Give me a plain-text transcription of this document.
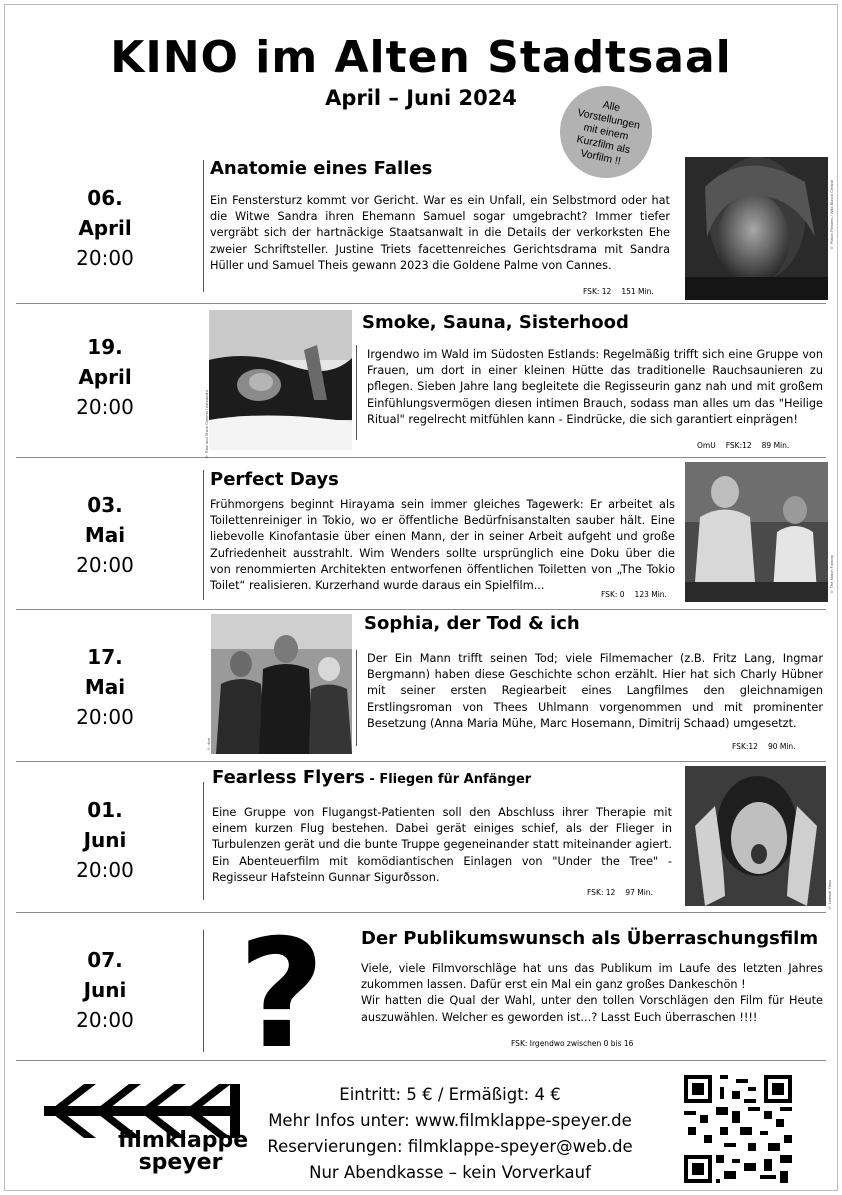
KINO im Alten Stadtsaal
April – Juni 2024	Alle Vorstellungen mit einem Kurzfilm als Vorfilm !!
06.
April
20:00
Anatomie eines Falles
Ein Fenstersturz kommt vor Gericht. War es ein Unfall, ein Selbstmord oder hat die Witwe Sandra ihren Ehemann Samuel sogar umgebracht? Immer tiefer vergräbt sich der hartnäckige Staatsanwalt in die Details der verkorksten Ehe zweier Schriftsteller. Justine Triets facettenreiches Gerichtsdrama mit Sandra Hüller und Samuel Theis gewann 2023 die Goldene Palme von Cannes.
FSK: 12 151 Min.
© Plaion Pictures / Wild Bunch Central
19.
April
20:00	© Rise and Shine Cinema / Alexandra
Smoke, Sauna, Sisterhood
Irgendwo im Wald im Südosten Estlands: Regelmäßig trifft sich eine Gruppe von Frauen, um dort in einer kleinen Hütte das traditionelle Rauchsaunieren zu pflegen. Sieben Jahre lang begleitete die Regisseurin ganz nah und mit großem Einfühlungsvermögen diesen intimen Brauch, sodass man alles um das "Heilige Ritual" regelrecht mitfühlen kann - Eindrücke, die sich garantiert einprägen!
OmU FSK:12 89 Min.
03.
Mai
20:00
Perfect Days
Frühmorgens beginnt Hirayama sein immer gleiches Tagewerk: Er arbeitet als Toilettenreiniger in Tokio, wo er öffentliche Bedürfnisanstalten sauber hält. Eine liebevolle Kinofantasie über einen Mann, der in seiner Arbeit aufgeht und große Zufriedenheit ausstrahlt. Wim Wenders sollte ursprünglich eine Doku über die von renommierten Architekten entworfenen öffentlichen Toiletten von „The Tokio Toilet“ realisieren. Kurzerhand wurde daraus ein Spielfilm...
FSK: 0 123 Min.
© The Match Factory
17.
Mai
20:00
© dcm
Sophia, der Tod & ich
Der Ein Mann trifft seinen Tod; viele Filmemacher (z.B. Fritz Lang, Ingmar Bergmann) haben diese Geschichte schon erzählt. Hier hat sich Charly Hübner mit seiner ersten Regiearbeit eines Langfilmes den gleichnamigen Erstlingsroman von Thees Uhlmann vorgenommen und mit prominenter Besetzung (Anna Maria Mühe, Marc Hosemann, Dimitrij Schaad) umgesetzt.
FSK:12 90 Min.
01.
Juni
20:00
Fearless Flyers - Fliegen für Anfänger
Eine Gruppe von Flugangst-Patienten soll den Abschluss ihrer Therapie mit einem kurzen Flug bestehen. Dabei gerät einiges schief, als der Flieger in Turbulenzen gerät und die bunte Truppe gegeneinander statt miteinander agiert. Ein Abenteuerfilm mit komödiantischen Einlagen von "Under the Tree" - Regisseur Hafsteinn Gunnar Sigurðsson.
FSK: 12 97 Min.	© Leitwolf Films
07.
Juni
20:00 ? Der Publikumswunsch als Überraschungsfilm
Viele, viele Filmvorschläge hat uns das Publikum im Laufe des letzten Jahres zukommen lassen. Dafür erst ein Mal ein ganz großes Dankeschön !
Wir hatten die Qual der Wahl, unter den tollen Vorschlägen den Film für Heute auszuwählen. Welcher es geworden ist...? Lasst Euch überraschen !!!!
FSK: Irgendwo zwischen 0 bis 16
filmklappe
speyer
Eintritt: 5 € / Ermäßigt: 4 €
Mehr Infos unter: www.filmklappe-speyer.de
Reservierungen: filmklappe-speyer@web.de
Nur Abendkasse – kein Vorverkauf
